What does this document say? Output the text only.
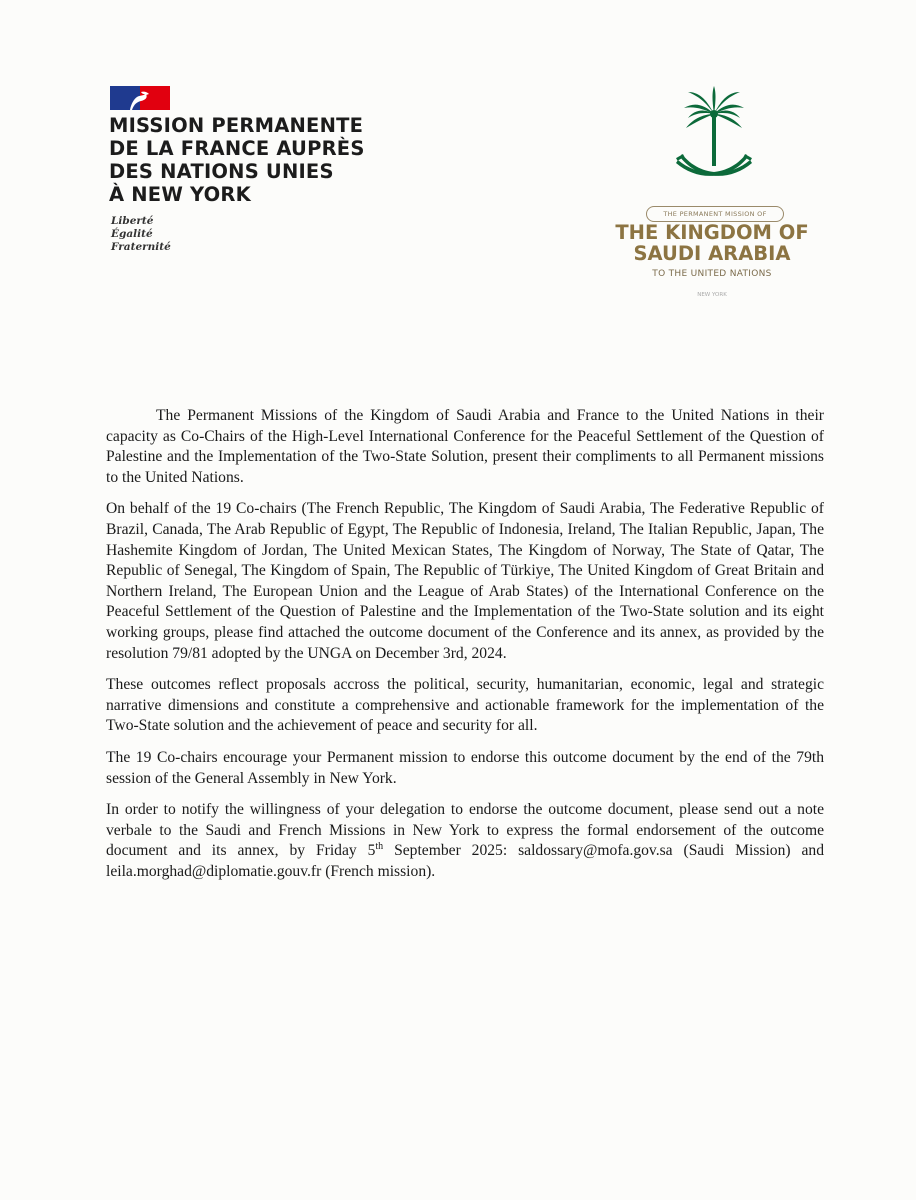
MISSION PERMANENTE
DE LA FRANCE AUPRÈS
DES NATIONS UNIES
À NEW YORK
Liberté
Égalité
Fraternité
THE PERMANENT MISSION OF
THE KINGDOM OF
SAUDI ARABIA
TO THE UNITED NATIONS
NEW YORK

The Permanent Missions of the Kingdom of Saudi Arabia and France to the United Nations in their capacity as Co-Chairs of the High-Level International Conference for the Peaceful Settlement of the Question of Palestine and the Implementation of the Two-State Solution, present their compliments to all Permanent missions to the United Nations.

On behalf of the 19 Co-chairs (The French Republic, The Kingdom of Saudi Arabia, The Federative Republic of Brazil, Canada, The Arab Republic of Egypt, The Republic of Indonesia, Ireland, The Italian Republic, Japan, The Hashemite Kingdom of Jordan, The United Mexican States, The Kingdom of Norway, The State of Qatar, The Republic of Senegal, The Kingdom of Spain, The Republic of Türkiye, The United Kingdom of Great Britain and Northern Ireland, The European Union and the League of Arab States) of the International Conference on the Peaceful Settlement of the Question of Palestine and the Implementation of the Two-State solution and its eight working groups, please find attached the outcome document of the Conference and its annex, as provided by the resolution 79/81 adopted by the UNGA on December 3rd, 2024.

These outcomes reflect proposals accross the political, security, humanitarian, economic, legal and strategic narrative dimensions and constitute a comprehensive and actionable framework for the implementation of the Two-State solution and the achievement of peace and security for all.

The 19 Co-chairs encourage your Permanent mission to endorse this outcome document by the end of the 79th session of the General Assembly in New York.

In order to notify the willingness of your delegation to endorse the outcome document, please send out a note verbale to the Saudi and French Missions in New York to express the formal endorsement of the outcome document and its annex, by Friday 5th September 2025: saldossary@mofa.gov.sa (Saudi Mission) and leila.morghad@diplomatie.gouv.fr (French mission).
